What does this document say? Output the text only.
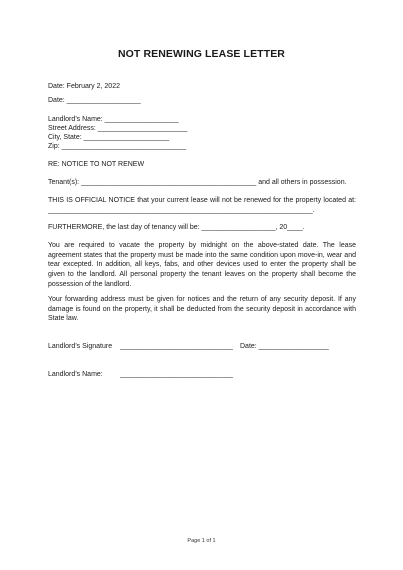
NOT RENEWING LEASE LETTER
Date: February 2, 2022
Date: ___________________
Landlord’s Name: ___________________
Street Address: _______________________
City, State: ______________________
Zip: ________________________________
RE: NOTICE TO NOT RENEW
Tenant(s): _____________________________________________ and all others in possession.
THIS IS OFFICIAL NOTICE that your current lease will not be renewed for the property located at: ____________________________________________________________________.
FURTHERMORE, the last day of tenancy will be: ___________________, 20____.
You are required to vacate the property by midnight on the above-stated date. The lease agreement states that the property must be made into the same condition upon move-in, wear and tear excepted. In addition, all keys, fabs, and other devices used to enter the property shall be given to the landlord. All personal property the tenant leaves on the property shall become the possession of the landlord.
Your forwarding address must be given for notices and the return of any security deposit. If any damage is found on the property, it shall be deducted from the security deposit in accordance with State law.
Landlord’s Signature _____________________________ Date: __________________
Landlord’s Name: _____________________________
Page 1 of 1
